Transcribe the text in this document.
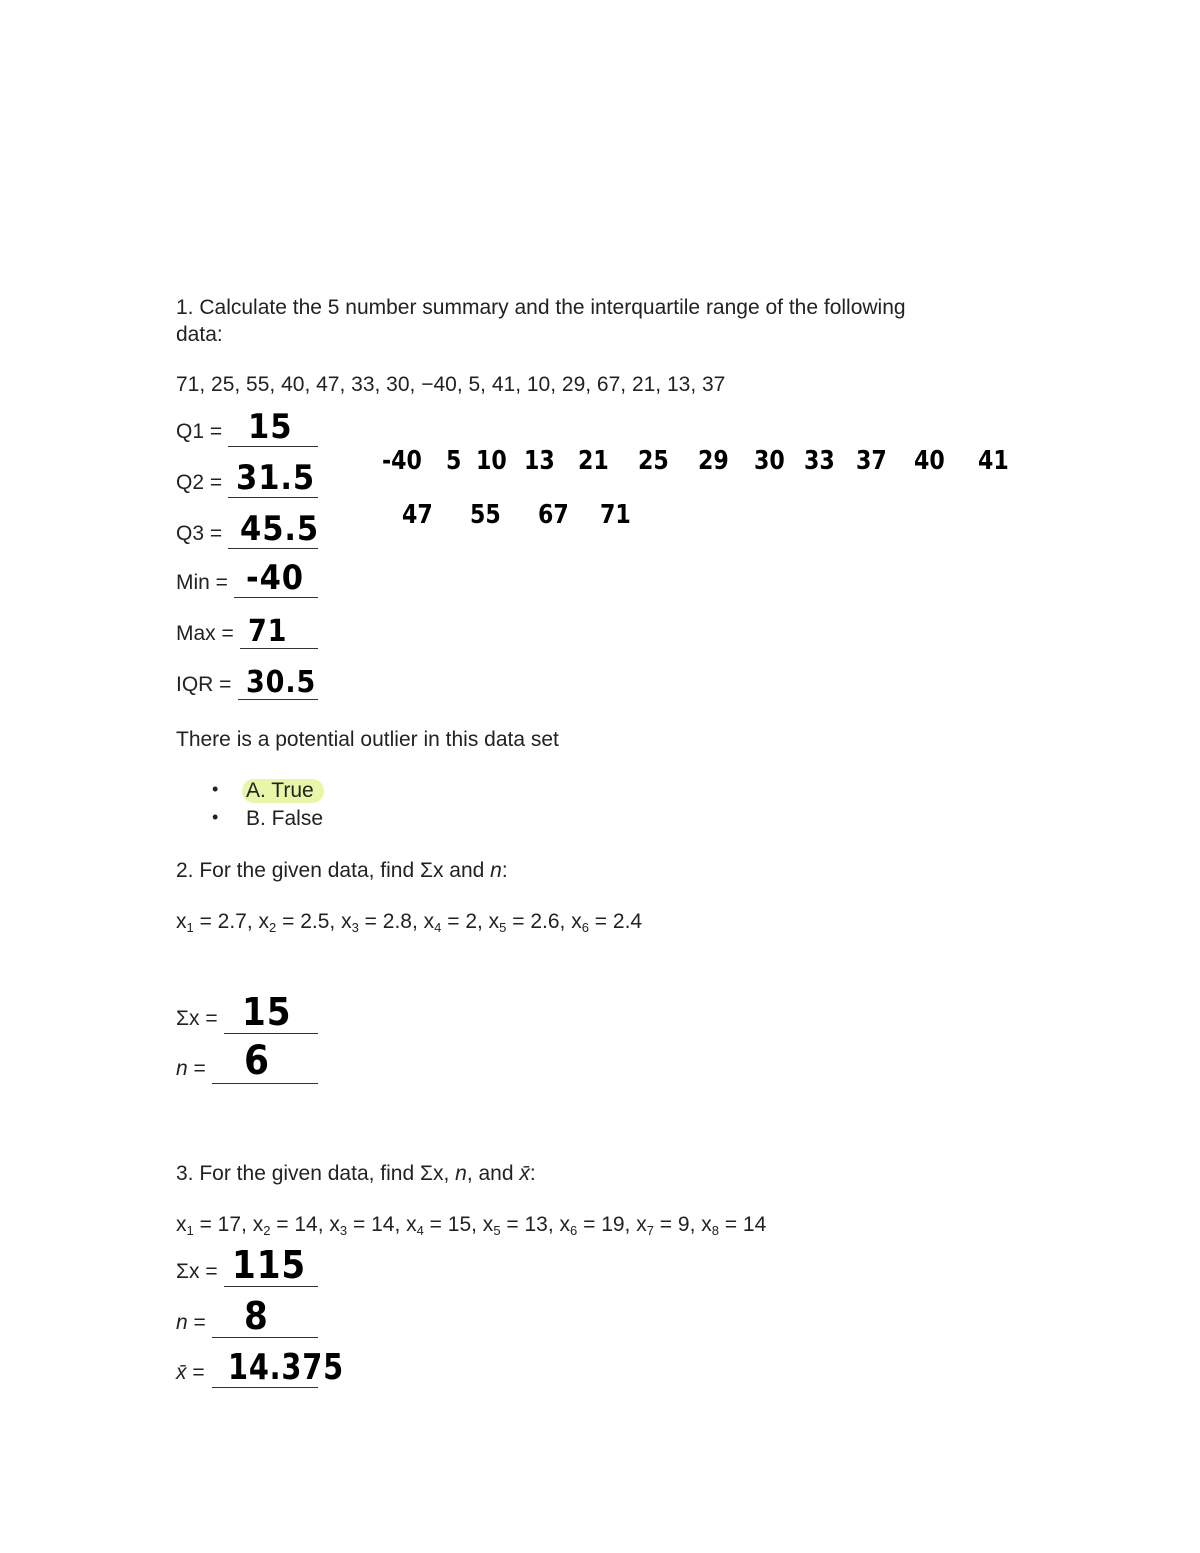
1. Calculate the 5 number summary and the interquartile range of the following
data:
71, 25, 55, 40, 47, 33, 30, −40, 5, 41, 10, 29, 67, 21, 13, 37
Q1 = 15
Q2 = 31.5
Q3 = 45.5
Min = -40
Max = 71
IQR = 30.5
-40 5 10 13 21 25 29 30 33 37 40 41
47 55 67 71
There is a potential outlier in this data set
• A. True
• B. False
2. For the given data, find Σx and n:
$x_1 = 2.7$, $x_2 = 2.5$, $x_3 = 2.8$, $x_4 = 2$, $x_5 = 2.6$, $x_6 = 2.4$
Σx = 15
n = 6
3. For the given data, find Σx, n, and x̄:
$x_1 = 17$, $x_2 = 14$, $x_3 = 14$, $x_4 = 15$, $x_5 = 13$, $x_6 = 19$, $x_7 = 9$, $x_8 = 14$
Σx = 115
n = 8
x̄ = 14.375
